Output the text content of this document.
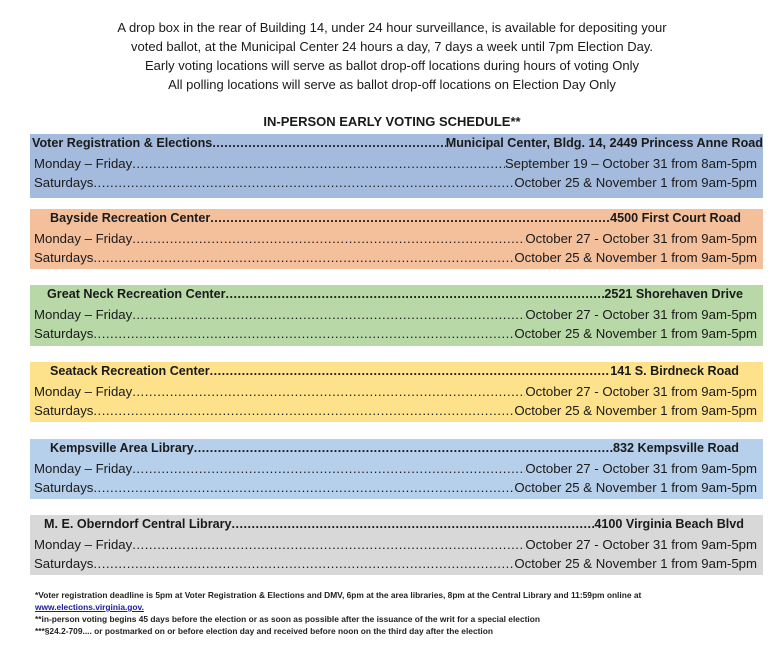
A drop box in the rear of Building 14, under 24 hour surveillance, is available for depositing your
voted ballot, at the Municipal Center 24 hours a day, 7 days a week until 7pm Election Day.
Early voting locations will serve as ballot drop-off locations during hours of voting Only
All polling locations will serve as ballot drop-off locations on Election Day Only
IN-PERSON EARLY VOTING SCHEDULE**
Voter Registration & Elections .....	Municipal Center, Bldg. 14, 2449 Princess Anne Road
Monday – Friday .....	September 19 – October 31 from 8am-5pm
Saturdays .....	October 25 & November 1 from 9am-5pm
Bayside Recreation Center .....	4500 First Court Road
Monday – Friday .....	October 27 - October 31 from 9am-5pm
Saturdays .....	October 25 & November 1 from 9am-5pm
Great Neck Recreation Center .....	2521 Shorehaven Drive
Monday – Friday .....	October 27 - October 31 from 9am-5pm
Saturdays .....	October 25 & November 1 from 9am-5pm
Seatack Recreation Center .....	141 S. Birdneck Road
Monday – Friday .....	October 27 - October 31 from 9am-5pm
Saturdays .....	October 25 & November 1 from 9am-5pm
Kempsville Area Library .....	832 Kempsville Road
Monday – Friday .....	October 27 - October 31 from 9am-5pm
Saturdays .....	October 25 & November 1 from 9am-5pm
M. E. Oberndorf Central Library .....	4100 Virginia Beach Blvd
Monday – Friday .....	October 27 - October 31 from 9am-5pm
Saturdays .....	October 25 & November 1 from 9am-5pm
*Voter registration deadline is 5pm at Voter Registration & Elections and DMV, 6pm at the area libraries, 8pm at the Central Library and 11:59pm online at
www.elections.virginia.gov.
**in-person voting begins 45 days before the election or as soon as possible after the issuance of the writ for a special election
***§24.2-709.... or postmarked on or before election day and received before noon on the third day after the election
